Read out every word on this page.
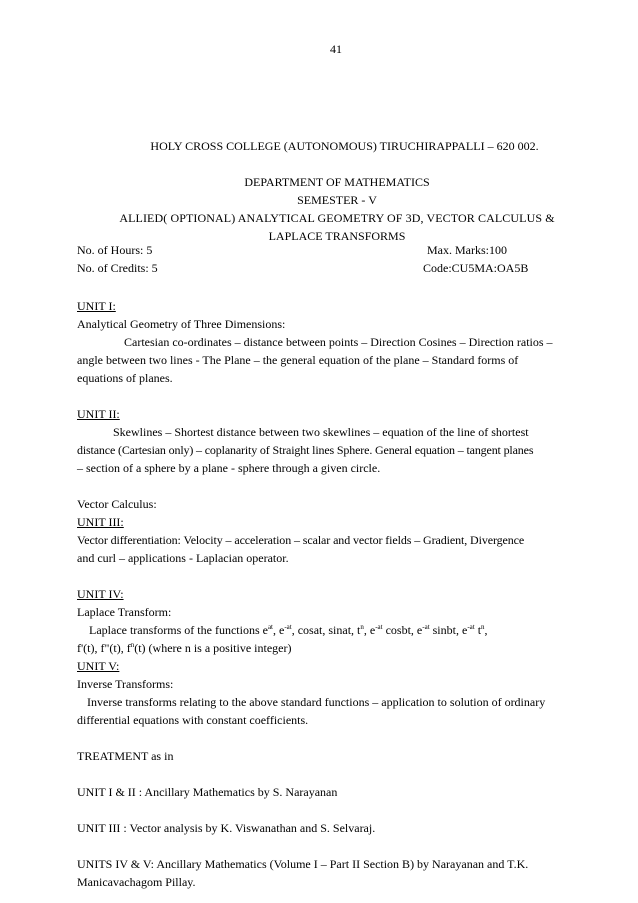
41
HOLY CROSS COLLEGE (AUTONOMOUS) TIRUCHIRAPPALLI – 620 002.
DEPARTMENT OF MATHEMATICS
SEMESTER - V
ALLIED( OPTIONAL) ANALYTICAL GEOMETRY OF 3D, VECTOR CALCULUS &
LAPLACE TRANSFORMS
No. of Hours: 5	Max. Marks:100
No. of Credits: 5	Code:CU5MA:OA5B
UNIT I:
Analytical Geometry of Three Dimensions:
Cartesian co-ordinates – distance between points – Direction Cosines – Direction ratios –
angle between two lines - The Plane – the general equation of the plane – Standard forms of
equations of planes.
UNIT II:
Skewlines – Shortest distance between two skewlines – equation of the line of shortest
distance (Cartesian only) – coplanarity of Straight lines Sphere. General equation – tangent planes
– section of a sphere by a plane - sphere through a given circle.
Vector Calculus:
UNIT III:
Vector differentiation: Velocity – acceleration – scalar and vector fields – Gradient, Divergence
and curl – applications - Laplacian operator.
UNIT IV:
Laplace Transform:
Laplace transforms of the functions $e^{at}$, $e^{-at}$, cosat, sinat, $t^n$, $e^{-at}$ cosbt, $e^{-at}$ sinbt, $e^{-at}$ $t^n$,
f'(t), f"(t), $f^n(t)$ (where n is a positive integer)
UNIT V:
Inverse Transforms:
Inverse transforms relating to the above standard functions – application to solution of ordinary
differential equations with constant coefficients.
TREATMENT as in
UNIT I & II : Ancillary Mathematics by S. Narayanan
UNIT III : Vector analysis by K. Viswanathan and S. Selvaraj.
UNITS IV & V: Ancillary Mathematics (Volume I – Part II Section B) by Narayanan and T.K.
Manicavachagom Pillay.
